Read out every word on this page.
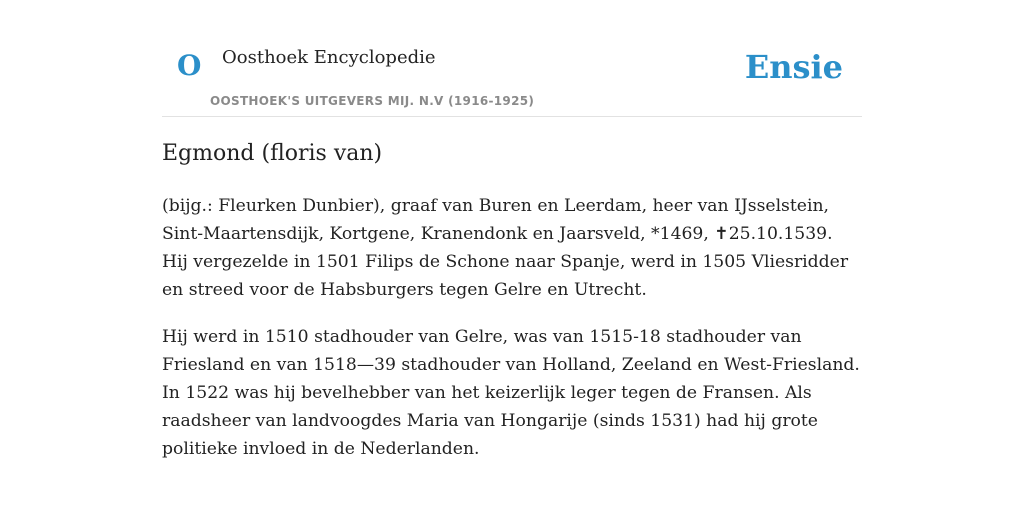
O Oosthoek Encyclopedie
OOSTHOEK'S UITGEVERS MIJ. N.V (1916-1925)
Ensie
Egmond (floris van)

(bijg.: Fleurken Dunbier), graaf van Buren en Leerdam, heer van IJsselstein, Sint-Maartensdijk, Kortgene, Kranendonk en Jaarsveld, *1469, ✝25.10.1539. Hij vergezelde in 1501 Filips de Schone naar Spanje, werd in 1505 Vliesridder en streed voor de Habsburgers tegen Gelre en Utrecht.

Hij werd in 1510 stadhouder van Gelre, was van 1515-18 stadhouder van Friesland en van 1518—39 stadhouder van Holland, Zeeland en West-Friesland. In 1522 was hij bevelhebber van het keizerlijk leger tegen de Fransen. Als raadsheer van landvoogdes Maria van Hongarije (sinds 1531) had hij grote politieke invloed in de Nederlanden.
